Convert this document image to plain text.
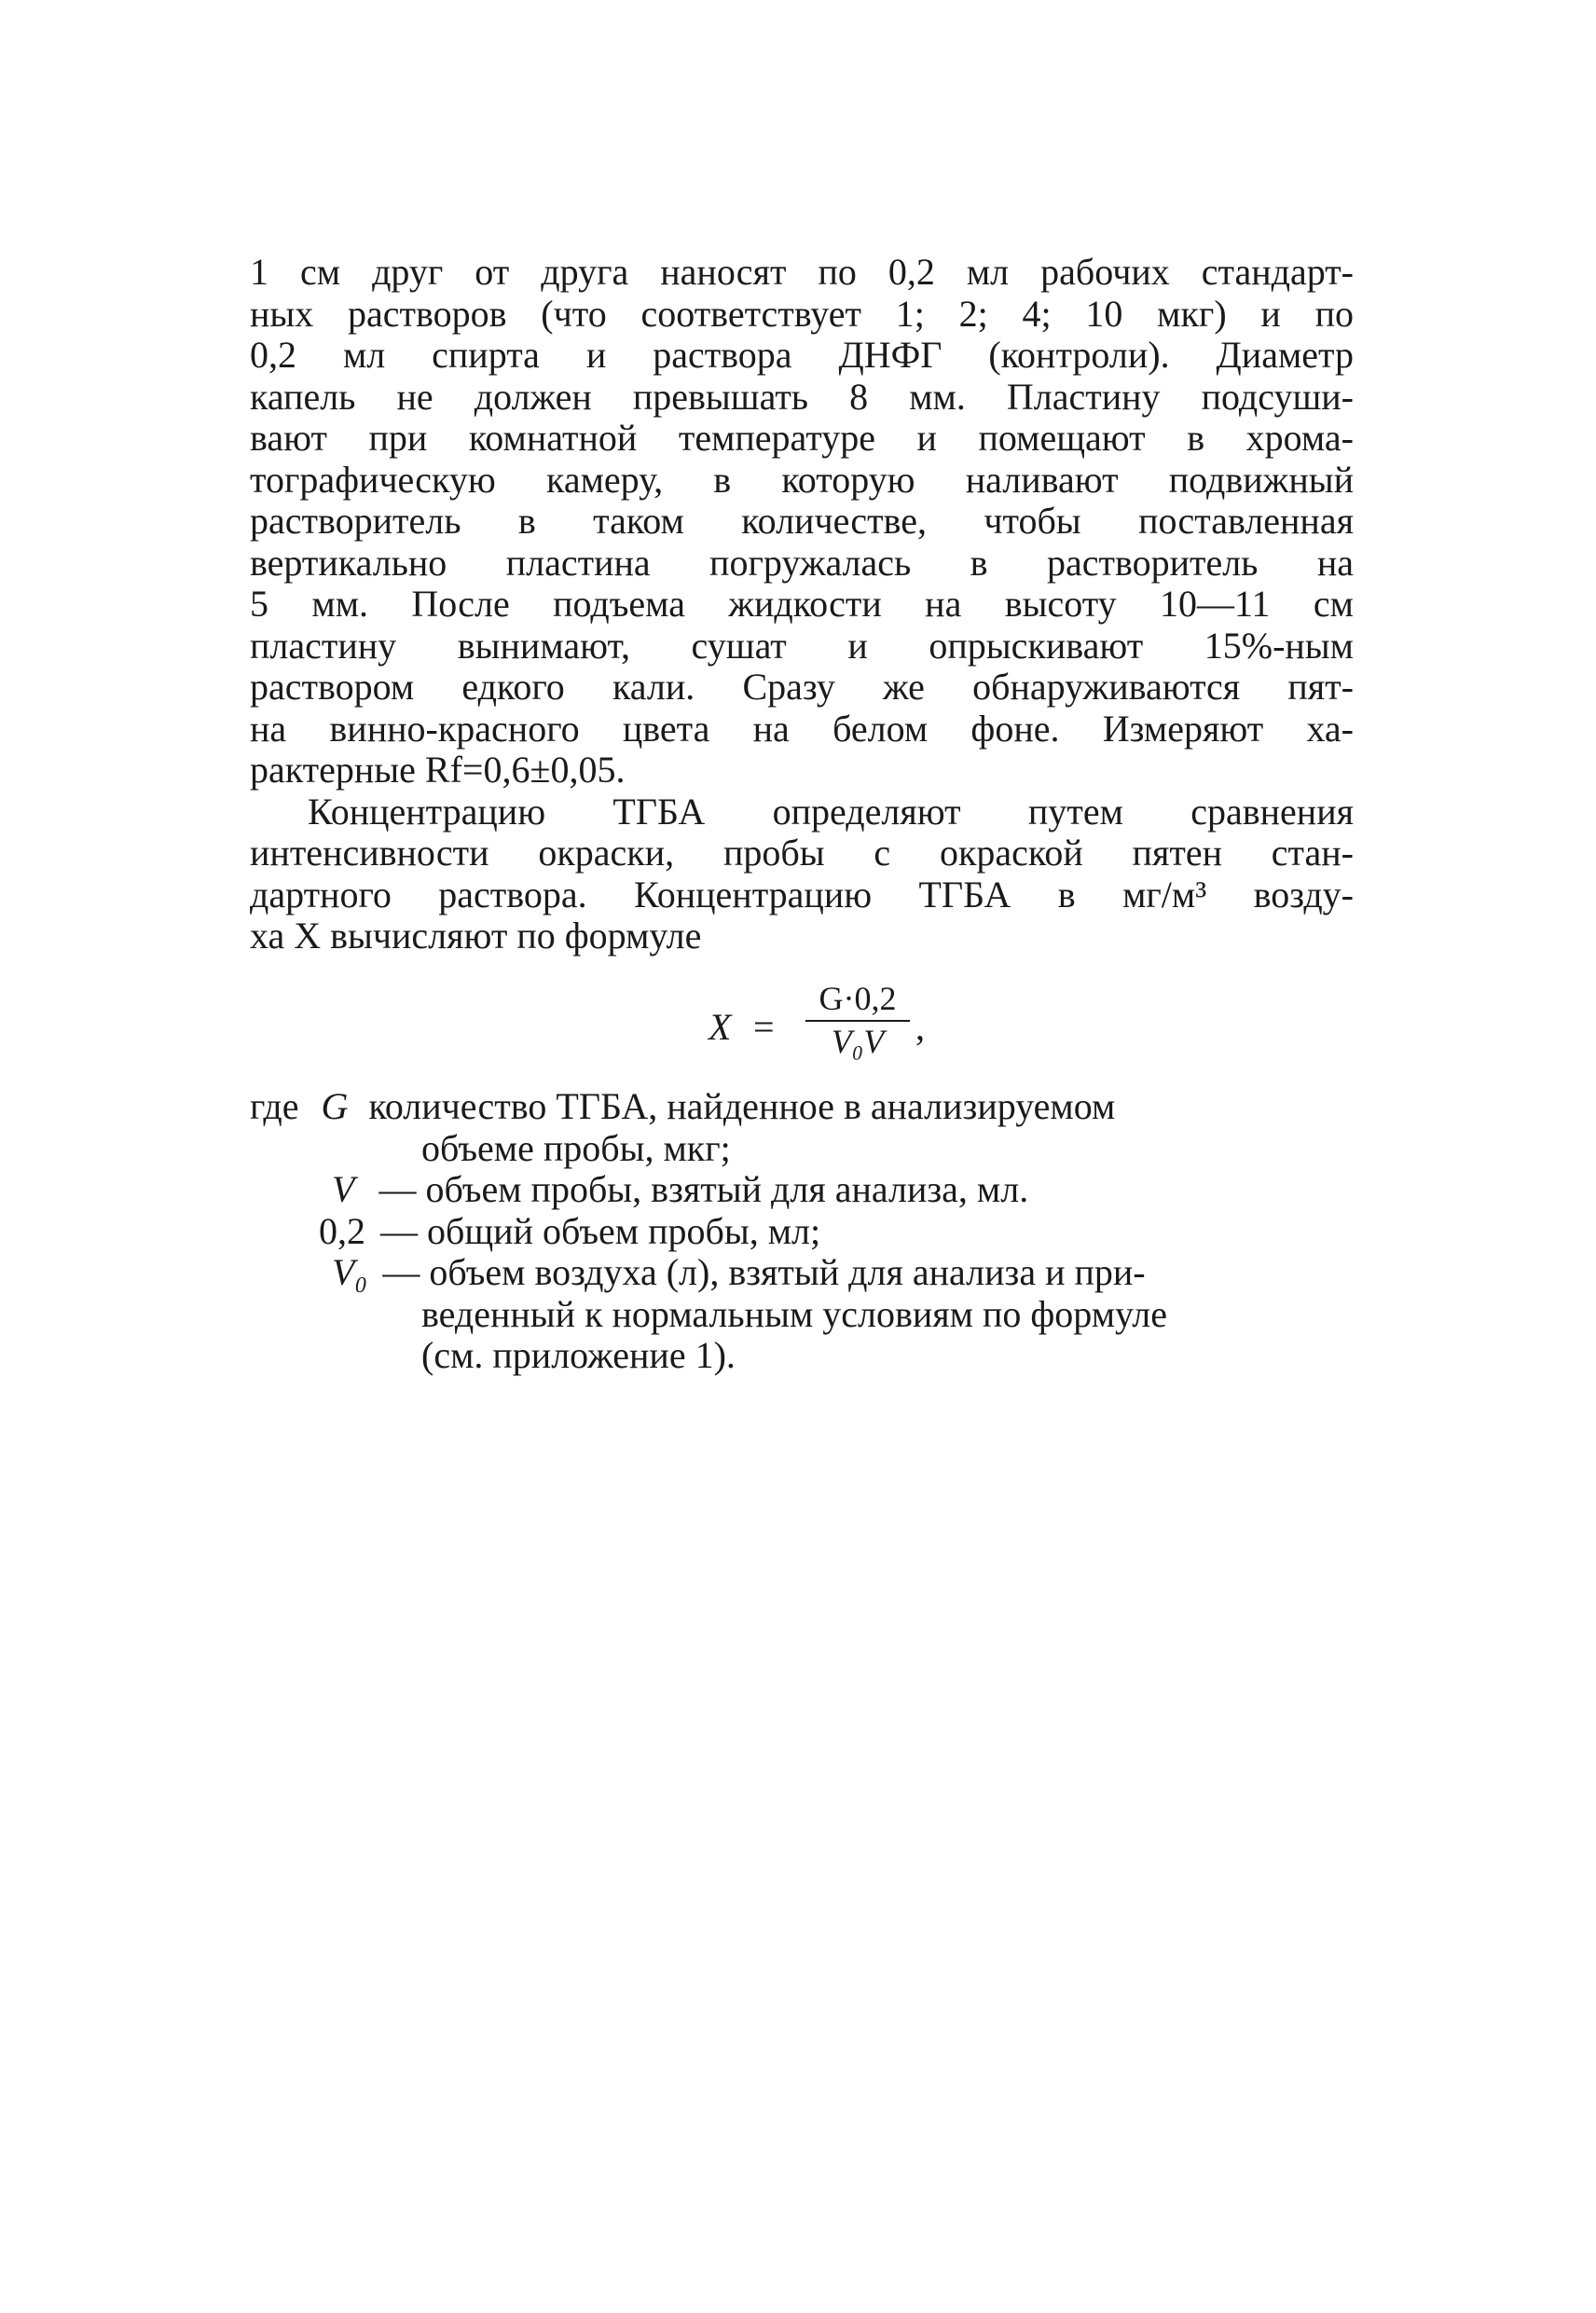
1 см друг от друга наносят по 0,2 мл рабочих стандарт-
ных растворов (что соответствует 1; 2; 4; 10 мкг) и по
0,2 мл спирта и раствора ДНФГ (контроли). Диаметр
капель не должен превышать 8 мм. Пластину подсуши-
вают при комнатной температуре и помещают в хрома-
тографическую камеру, в которую наливают подвижный
растворитель в таком количестве, чтобы поставленная
вертикально пластина погружалась в растворитель на
5 мм. После подъема жидкости на высоту 10—11 см
пластину вынимают, сушат и опрыскивают 15%-ным
раствором едкого кали. Сразу же обнаруживаются пят-
на винно-красного цвета на белом фоне. Измеряют ха-
рактерные Rf=0,6±0,05.
Концентрацию ТГБА определяют путем сравнения
интенсивности окраски, пробы с окраской пятен стан-
дартного раствора. Концентрацию ТГБА в мг/м³ возду-
ха X вычисляют по формуле
X =
G·0,2
V₀V ,
где G количество ТГБА, найденное в анализируемом
объеме пробы, мкг;
V — объем пробы, взятый для анализа, мл.
0,2 — общий объем пробы, мл;
V₀ — объем воздуха (л), взятый для анализа и при-
веденный к нормальным условиям по формуле
(см. приложение 1).
